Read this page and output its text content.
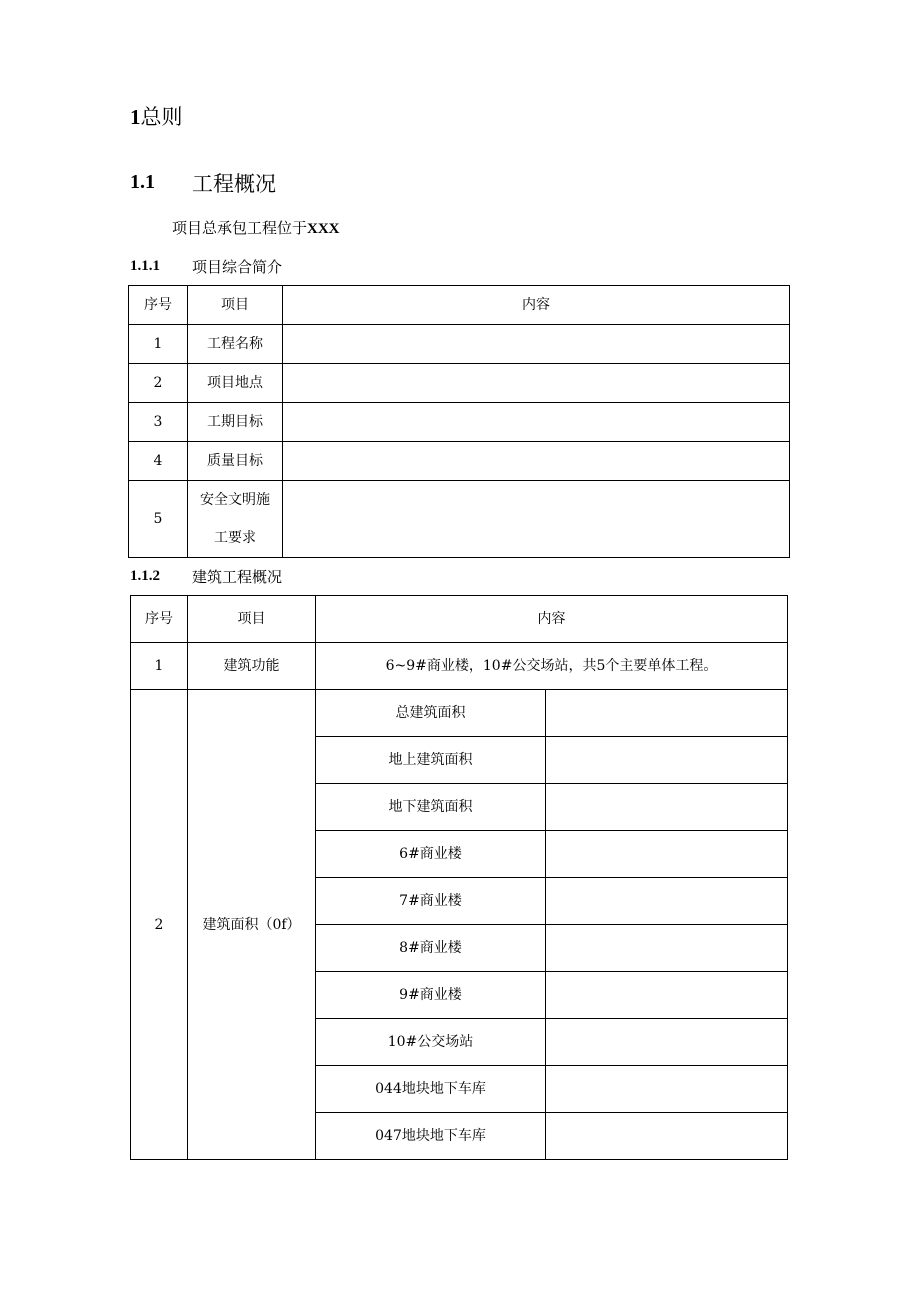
1总则
1.1 工程概况
项目总承包工程位于XXX
1.1.1 项目综合简介
序号	项目	内容
1	工程名称	
2	项目地点	
3	工期目标	
4	质量目标	
5	安全文明施
工要求	

1.1.2 建筑工程概况
序号	项目	内容	
1	建筑功能	6~9#商业楼，10#公交场站，共5个主要单体工程。	
2	建筑面积（0f）	总建筑面积	
		地上建筑面积	
		地下建筑面积	
		6#商业楼	
		7#商业楼	
		8#商业楼	
		9#商业楼	
		10#公交场站	
		044地块地下车库	
		047地块地下车库	
